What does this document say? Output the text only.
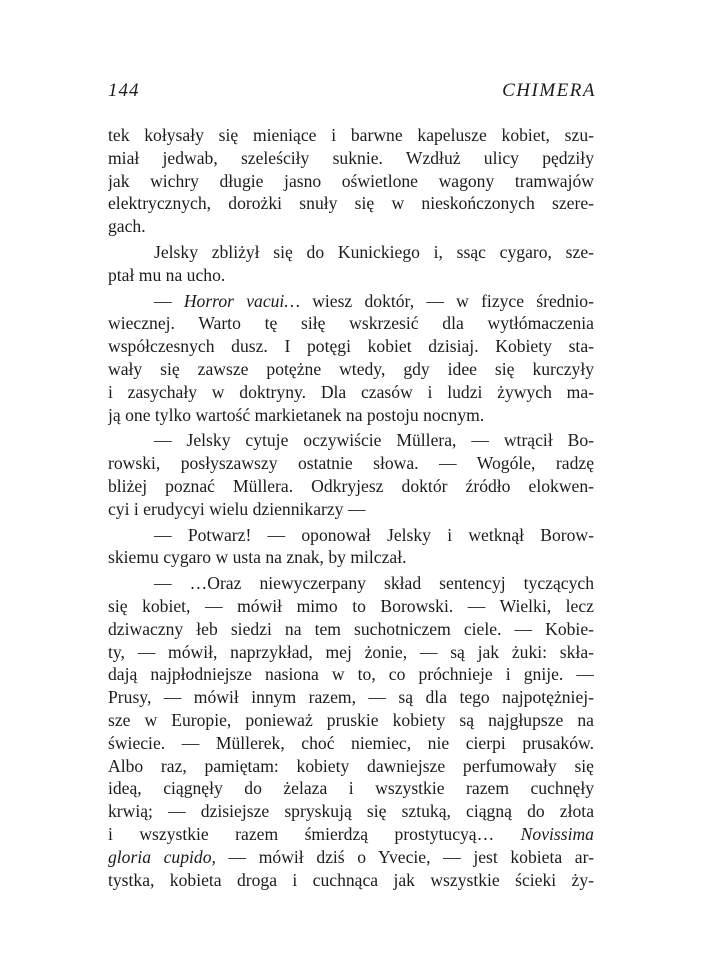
144	CHIMERA
tek kołysały się mieniące i barwne kapelusze kobiet, szu-
miał jedwab, szeleściły suknie. Wzdłuż ulicy pędziły
jak wichry długie jasno oświetlone wagony tramwajów
elektrycznych, dorożki snuły się w nieskończonych szere-
gach.
Jelsky zbliżył się do Kunickiego i, ssąc cygaro, sze-
ptał mu na ucho.
— Horror vacui… wiesz doktór, — w fizyce średnio-
wiecznej. Warto tę siłę wskrzesić dla wytłómaczenia
współczesnych dusz. I potęgi kobiet dzisiaj. Kobiety sta-
wały się zawsze potężne wtedy, gdy idee się kurczyły
i zasychały w doktryny. Dla czasów i ludzi żywych ma-
ją one tylko wartość markietanek na postoju nocnym.
— Jelsky cytuje oczywiście Müllera, — wtrącił Bo-
rowski, posłyszawszy ostatnie słowa. — Wogóle, radzę
bliżej poznać Müllera. Odkryjesz doktór źródło elokwen-
cyi i erudycyi wielu dziennikarzy —
— Potwarz! — oponował Jelsky i wetknął Borow-
skiemu cygaro w usta na znak, by milczał.
— …Oraz niewyczerpany skład sentencyj tyczących
się kobiet, — mówił mimo to Borowski. — Wielki, lecz
dziwaczny łeb siedzi na tem suchotniczem ciele. — Kobie-
ty, — mówił, naprzykład, mej żonie, — są jak żuki: skła-
dają najpłodniejsze nasiona w to, co próchnieje i gnije. —
Prusy, — mówił innym razem, — są dla tego najpotężniej-
sze w Europie, ponieważ pruskie kobiety są najgłupsze na
świecie. — Müllerek, choć niemiec, nie cierpi prusaków.
Albo raz, pamiętam: kobiety dawniejsze perfumowały się
ideą, ciągnęły do żelaza i wszystkie razem cuchnęły
krwią; — dzisiejsze spryskują się sztuką, ciągną do złota
i wszystkie razem śmierdzą prostytucyą… Novissima
gloria cupido, — mówił dziś o Yvecie, — jest kobieta ar-
tystka, kobieta droga i cuchnąca jak wszystkie ścieki ży-
